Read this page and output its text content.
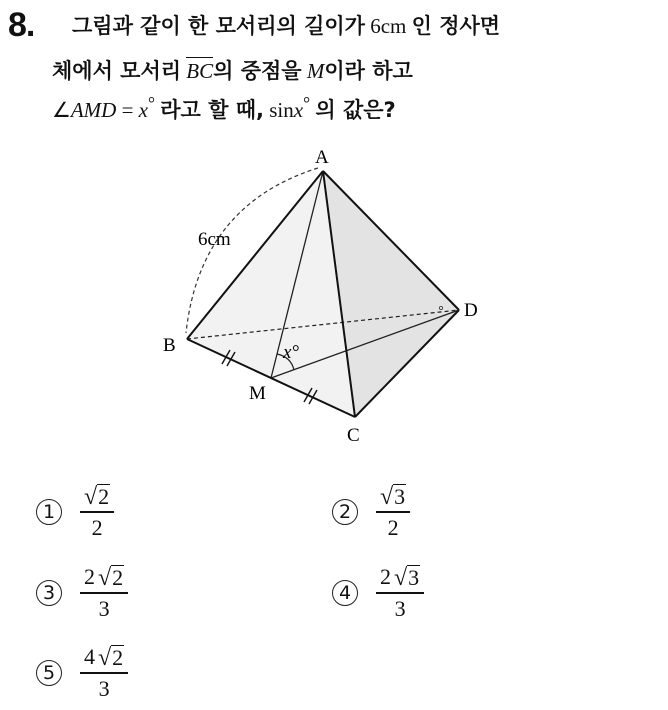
8. 그림과 같이 한 모서리의 길이가 6cm 인 정사면
체에서 모서리 BC의 중점을 M이라 하고
∠AMD = x° 라고 할 때, sinx° 의 값은?
A
B
C
D
M
6cm
x°
$1 \frac{√ 2}{2}$	$2 \frac{√ 3}{2}$
3	$\frac{2 √ 2}{3}$	4	$\frac{2 √ 3}{3}$
5	$\frac{4 √ 2}{3}$
